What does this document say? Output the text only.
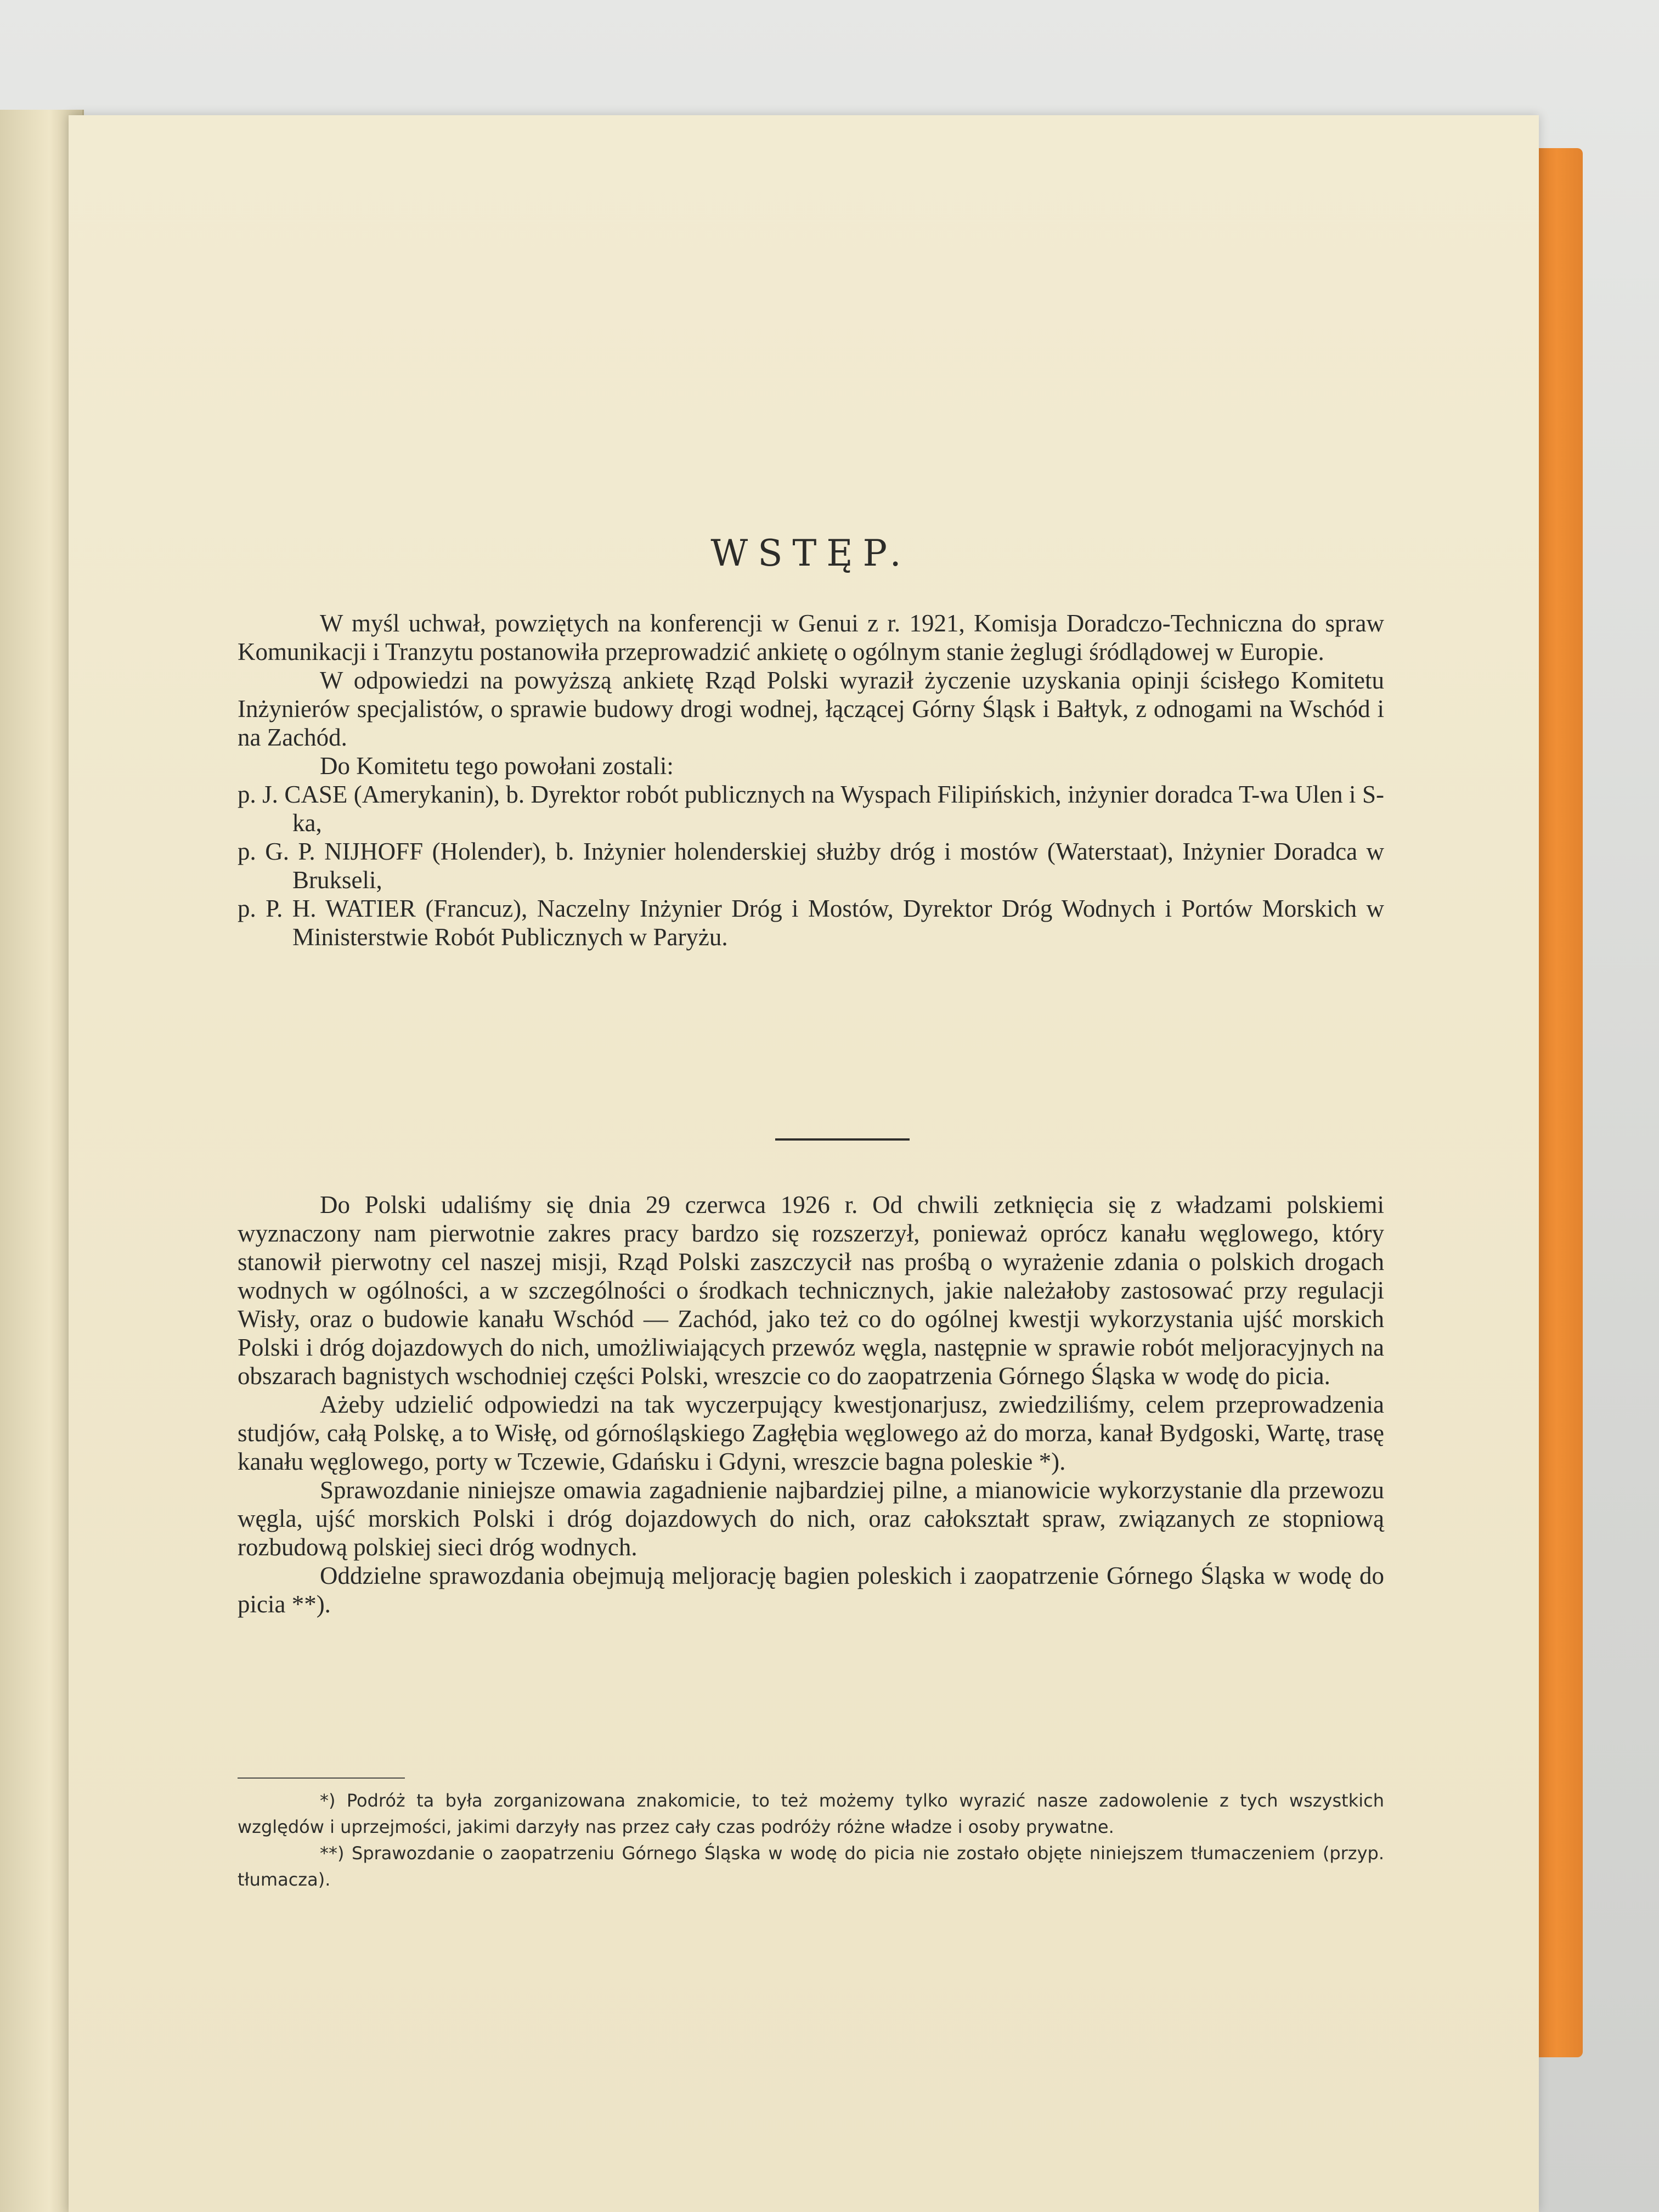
WSTĘP.

W myśl uchwał, powziętych na konferencji w Genui z r. 1921, Komisja Doradczo-Techniczna do spraw Komunikacji i Tranzytu postanowiła przeprowadzić ankietę o ogólnym stanie żeglugi śródlądowej w Europie.

W odpowiedzi na powyższą ankietę Rząd Polski wyraził życzenie uzyskania opinji ścisłego Komitetu Inżynierów specjalistów, o sprawie budowy drogi wodnej, łączącej Górny Śląsk i Bałtyk, z odnogami na Wschód i na Zachód.

Do Komitetu tego powołani zostali:

p. J. CASE (Amerykanin), b. Dyrektor robót publicznych na Wyspach Filipińskich, inżynier doradca T-wa Ulen i S-ka,

p. G. P. NIJHOFF (Holender), b. Inżynier holenderskiej służby dróg i mostów (Waterstaat), Inżynier Doradca w Brukseli,

p. P. H. WATIER (Francuz), Naczelny Inżynier Dróg i Mostów, Dyrektor Dróg Wodnych i Portów Morskich w Ministerstwie Robót Publicznych w Paryżu.

Do Polski udaliśmy się dnia 29 czerwca 1926 r. Od chwili zetknięcia się z władzami polskiemi wyznaczony nam pierwotnie zakres pracy bardzo się rozszerzył, ponieważ oprócz kanału węglowego, który stanowił pierwotny cel naszej misji, Rząd Polski zaszczycił nas prośbą o wyrażenie zdania o polskich drogach wodnych w ogólności, a w szczególności o środkach technicznych, jakie należałoby zastosować przy regulacji Wisły, oraz o budowie kanału Wschód — Zachód, jako też co do ogólnej kwestji wykorzystania ujść morskich Polski i dróg dojazdowych do nich, umożliwiających przewóz węgla, następnie w sprawie robót meljoracyjnych na obszarach bagnistych wschodniej części Polski, wreszcie co do zaopatrzenia Górnego Śląska w wodę do picia.

Ażeby udzielić odpowiedzi na tak wyczerpujący kwestjonarjusz, zwiedziliśmy, celem przeprowadzenia studjów, całą Polskę, a to Wisłę, od górnośląskiego Zagłębia węglowego aż do morza, kanał Bydgoski, Wartę, trasę kanału węglowego, porty w Tczewie, Gdańsku i Gdyni, wreszcie bagna poleskie *).

Sprawozdanie niniejsze omawia zagadnienie najbardziej pilne, a mianowicie wykorzystanie dla przewozu węgla, ujść morskich Polski i dróg dojazdowych do nich, oraz całokształt spraw, związanych ze stopniową rozbudową polskiej sieci dróg wodnych.

Oddzielne sprawozdania obejmują meljorację bagien poleskich i zaopatrzenie Górnego Śląska w wodę do picia **).

*) Podróż ta była zorganizowana znakomicie, to też możemy tylko wyrazić nasze zadowolenie z tych wszystkich względów i uprzejmości, jakimi darzyły nas przez cały czas podróży różne władze i osoby prywatne.

**) Sprawozdanie o zaopatrzeniu Górnego Śląska w wodę do picia nie zostało objęte niniejszem tłumaczeniem (przyp. tłumacza).
